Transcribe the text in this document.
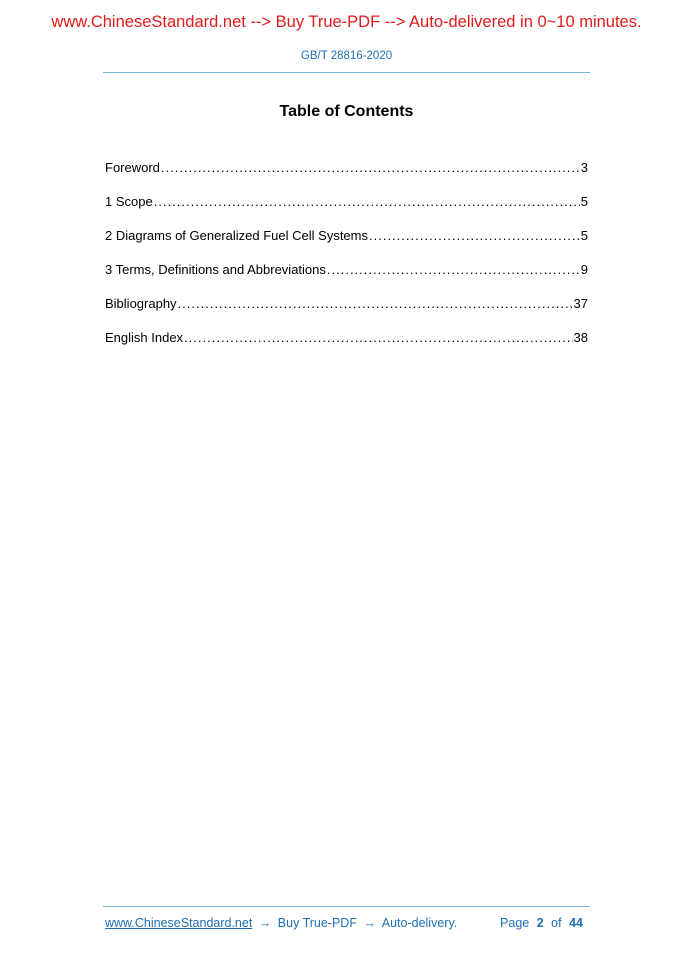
www.ChineseStandard.net --> Buy True-PDF --> Auto-delivered in 0~10 minutes.
GB/T 28816-2020
Table of Contents
Foreword .....	3
1 Scope .....	5
2 Diagrams of Generalized Fuel Cell Systems .....	5
3 Terms, Definitions and Abbreviations .....	9
Bibliography .....	37
English Index .....	38
www.ChineseStandard.net → Buy True-PDF → Auto-delivery.	Page 2 of 44
